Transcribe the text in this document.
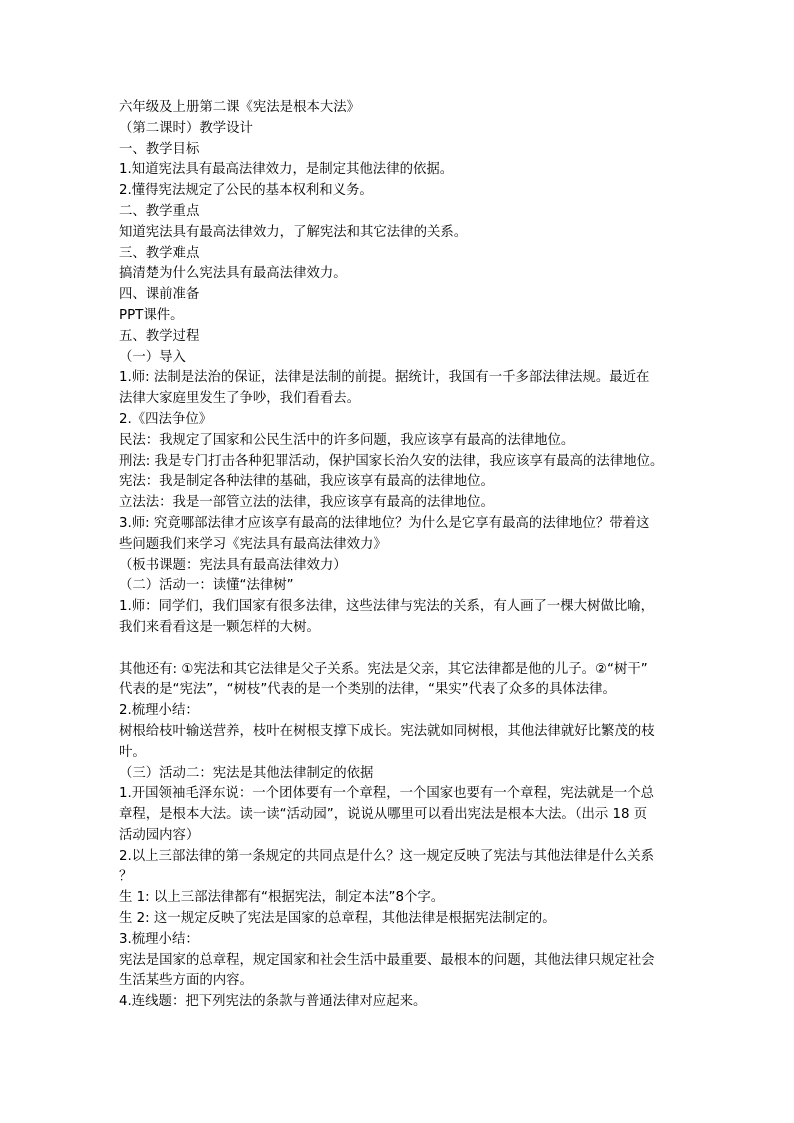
六年级及上册第二课《宪法是根本大法》
（第二课时）教学设计
一、教学目标
1.知道宪法具有最高法律效力，是制定其他法律的依据。
2.懂得宪法规定了公民的基本权利和义务。
二、教学重点
知道宪法具有最高法律效力，了解宪法和其它法律的关系。
三、教学难点
搞清楚为什么宪法具有最高法律效力。
四、课前准备
PPT课件。
五、教学过程
（一）导入
1.师: 法制是法治的保证，法律是法制的前提。据统计，我国有一千多部法律法规。最近在
法律大家庭里发生了争吵，我们看看去。
2.《四法争位》
民法：我规定了国家和公民生活中的许多问题，我应该享有最高的法律地位。
刑法: 我是专门打击各种犯罪活动，保护国家长治久安的法律，我应该享有最高的法律地位。
宪法：我是制定各种法律的基础，我应该享有最高的法律地位。
立法法：我是一部管立法的法律，我应该享有最高的法律地位。
3.师: 究竟哪部法律才应该享有最高的法律地位？为什么是它享有最高的法律地位？带着这
些问题我们来学习《宪法具有最高法律效力》
（板书课题：宪法具有最高法律效力）
（二）活动一：读懂“法律树”
1.师：同学们，我们国家有很多法律，这些法律与宪法的关系，有人画了一棵大树做比喻，
我们来看看这是一颗怎样的大树。
其他还有: ①宪法和其它法律是父子关系。宪法是父亲，其它法律都是他的儿子。②“树干”
代表的是“宪法”，“树枝”代表的是一个类别的法律，“果实”代表了众多的具体法律。
2.梳理小结：
树根给枝叶输送营养，枝叶在树根支撑下成长。宪法就如同树根，其他法律就好比繁茂的枝
叶。
（三）活动二：宪法是其他法律制定的依据
1.开国领袖毛泽东说：一个团体要有一个章程，一个国家也要有一个章程，宪法就是一个总
章程，是根本大法。读一读“活动园”，说说从哪里可以看出宪法是根本大法。（出示 18 页
活动园内容）
2.以上三部法律的第一条规定的共同点是什么？这一规定反映了宪法与其他法律是什么关系
？
生 1: 以上三部法律都有“根据宪法，制定本法”8个字。
生 2: 这一规定反映了宪法是国家的总章程，其他法律是根据宪法制定的。
3.梳理小结：
宪法是国家的总章程，规定国家和社会生活中最重要、最根本的问题，其他法律只规定社会
生活某些方面的内容。
4.连线题：把下列宪法的条款与普通法律对应起来。
